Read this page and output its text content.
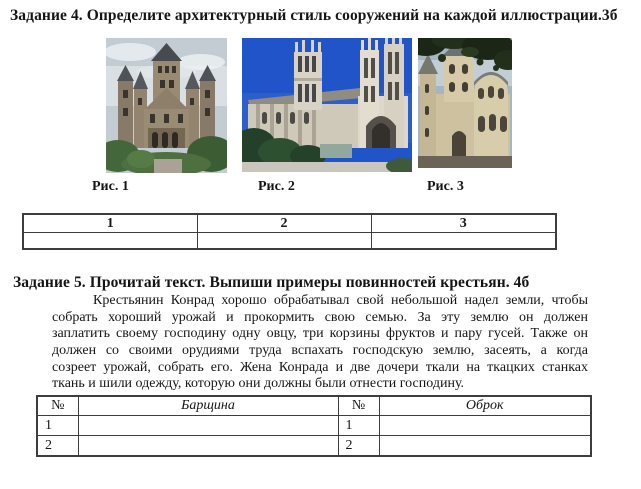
Задание 4. Определите архитектурный стиль сооружений на каждой иллюстрации.3б
Рис. 1	Рис. 2	Рис. 3
1	2	3

Задание 5. Прочитай текст. Выпиши примеры повинностей крестьян. 4б
Крестьянин Конрад хорошо обрабатывал свой небольшой надел земли, чтобы
собрать хороший урожай и прокормить свою семью. За эту землю он должен
заплатить своему господину одну овцу, три корзины фруктов и пару гусей. Также он
должен со своими орудиями труда вспахать господскую землю, засеять, а когда
созреет урожай, собрать его. Жена Конрада и две дочери ткали на ткацких станках
ткань и шили одежду, которую они должны были отнести господину.
№	Барщина	№	Оброк
1		1	
2		2	
